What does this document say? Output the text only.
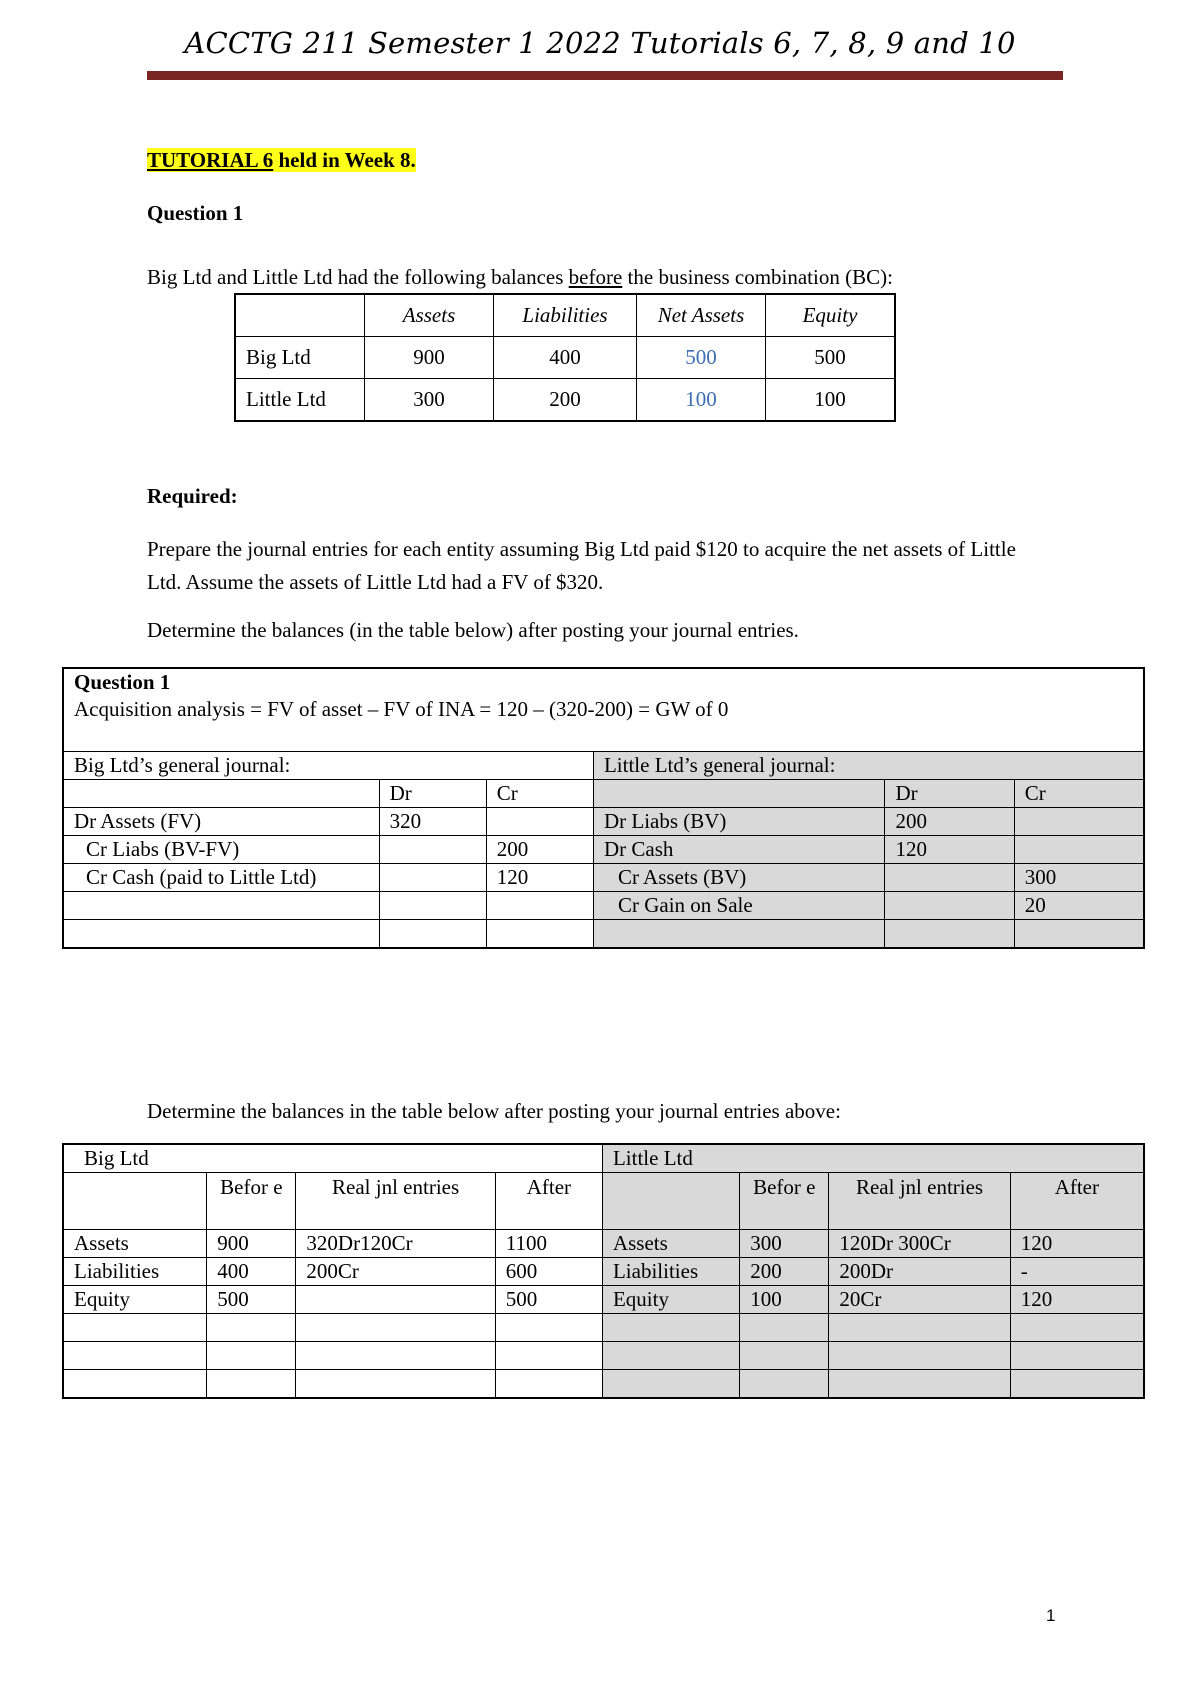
ACCTG 211 Semester 1 2022 Tutorials 6, 7, 8, 9 and 10
TUTORIAL 6 held in Week 8.
Question 1
Big Ltd and Little Ltd had the following balances before the business combination (BC):
	Assets	Liabilities	Net Assets	Equity
Big Ltd	900	400	500	500
Little Ltd	300	200	100	100
Required:
Prepare the journal entries for each entity assuming Big Ltd paid $120 to acquire the net assets of Little Ltd. Assume the assets of Little Ltd had a FV of $320.
Determine the balances (in the table below) after posting your journal entries.
Question 1
Acquisition analysis = FV of asset – FV of INA = 120 – (320-200) = GW of 0					

Big Ltd’s general journal:			Little Ltd’s general journal:		
	Dr	Cr		Dr	Cr
Dr Assets (FV)	320		Dr Liabs (BV)	200	
Cr Liabs (BV-FV)		200	Dr Cash	120	
Cr Cash (paid to Little Ltd)		120	Cr Assets (BV)		300
			Cr Gain on Sale		20

Determine the balances in the table below after posting your journal entries above:
Big Ltd				Little Ltd			
	Befor e	Real jnl entries	After		Befor e	Real jnl entries	After
Assets	900	320Dr120Cr	1100	Assets	300	120Dr 300Cr	120
Liabilities	400	200Cr	600	Liabilities	200	200Dr	-
Equity	500		500	Equity	100	20Cr	120

1
